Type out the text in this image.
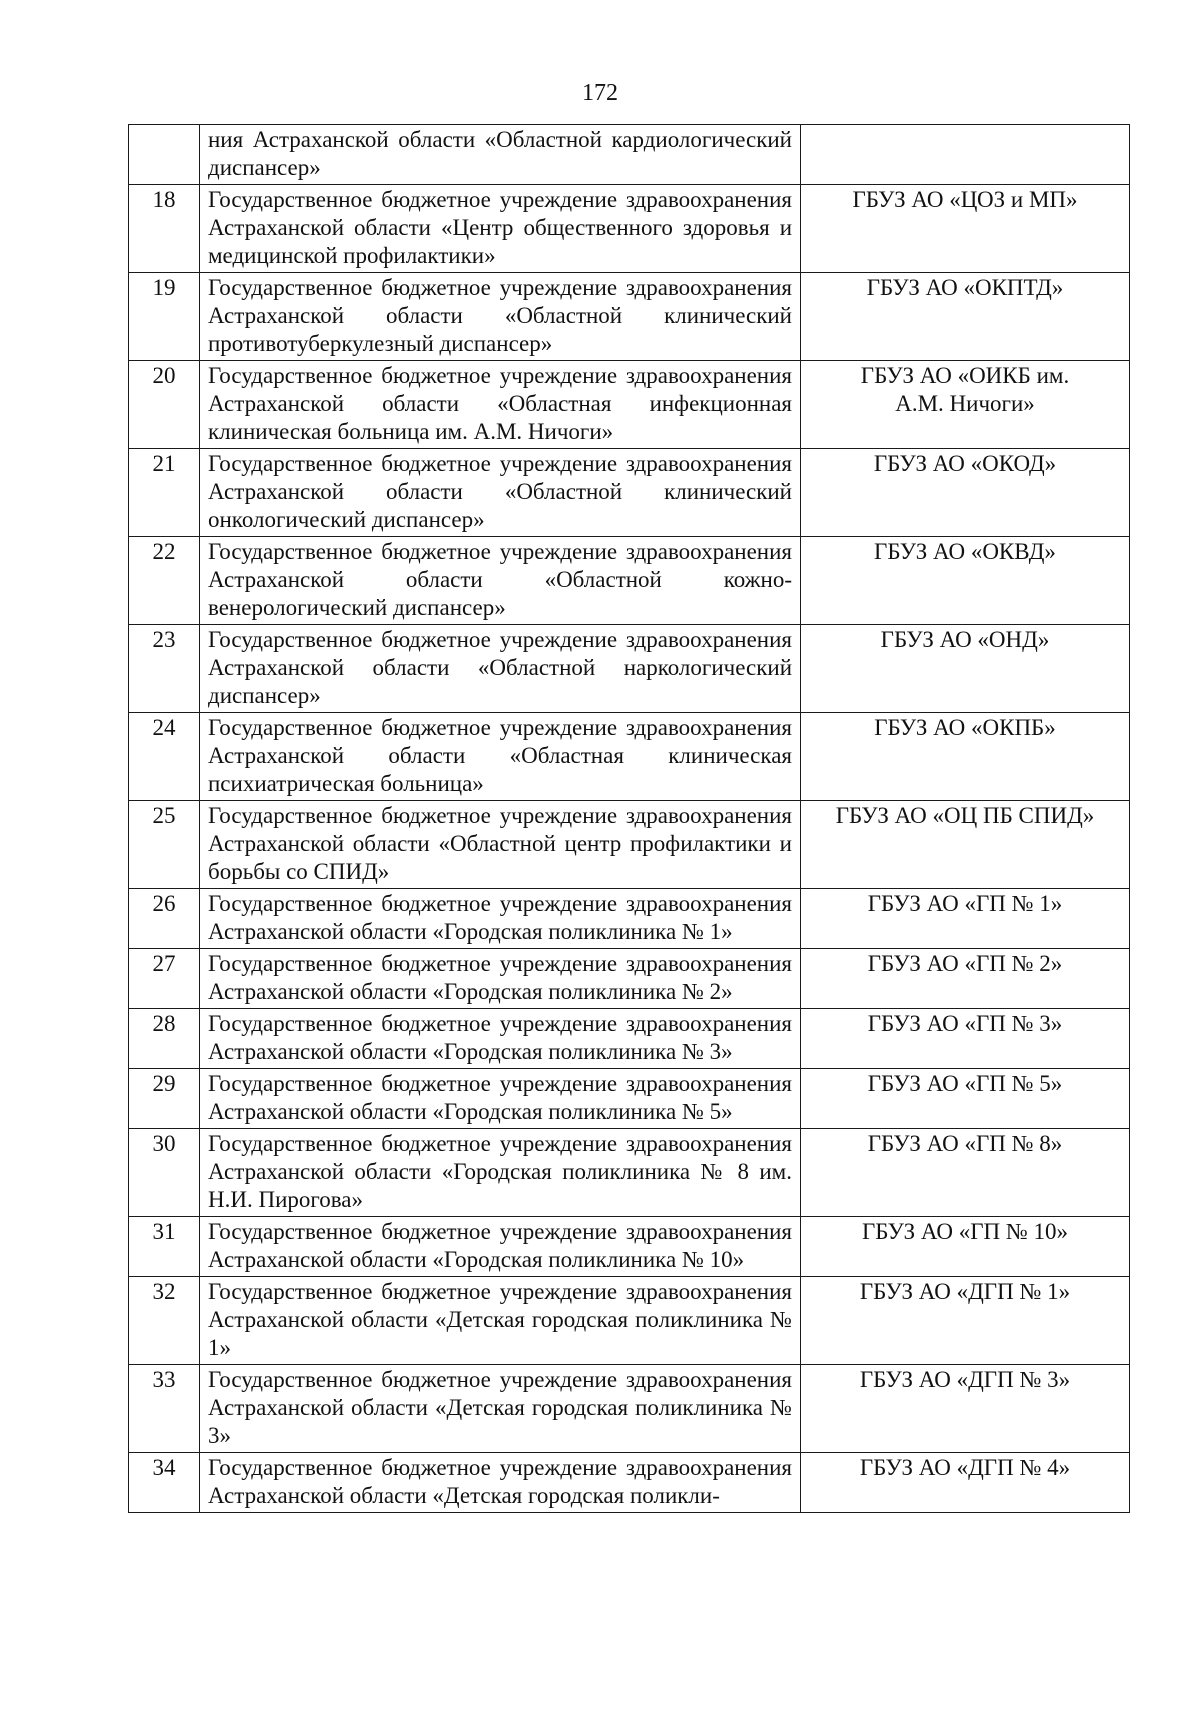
172
	ния Астраханской области «Областной кардиологический диспансер»	
18	Государственное бюджетное учреждение здравоохранения Астраханской области «Центр общественного здоровья и медицинской профилактики»	ГБУЗ АО «ЦОЗ и МП»
19	Государственное бюджетное учреждение здравоохранения Астраханской области «Областной клинический противотуберкулезный диспансер»	ГБУЗ АО «ОКПТД»
20	Государственное бюджетное учреждение здравоохранения Астраханской области «Областная инфекционная клиническая больница им. А.М. Ничоги»	ГБУЗ АО «ОИКБ им. А.М. Ничоги»
21	Государственное бюджетное учреждение здравоохранения Астраханской области «Областной клинический онкологический диспансер»	ГБУЗ АО «ОКОД»
22	Государственное бюджетное учреждение здравоохранения Астраханской области «Областной кожно-венерологический диспансер»	ГБУЗ АО «ОКВД»
23	Государственное бюджетное учреждение здравоохранения Астраханской области «Областной наркологический диспансер»	ГБУЗ АО «ОНД»
24	Государственное бюджетное учреждение здравоохранения Астраханской области «Областная клиническая психиатрическая больница»	ГБУЗ АО «ОКПБ»
25	Государственное бюджетное учреждение здравоохранения Астраханской области «Областной центр профилактики и борьбы со СПИД»	ГБУЗ АО «ОЦ ПБ СПИД»
26	Государственное бюджетное учреждение здравоохранения Астраханской области «Городская поликлиника № 1»	ГБУЗ АО «ГП № 1»
27	Государственное бюджетное учреждение здравоохранения Астраханской области «Городская поликлиника № 2»	ГБУЗ АО «ГП № 2»
28	Государственное бюджетное учреждение здравоохранения Астраханской области «Городская поликлиника № 3»	ГБУЗ АО «ГП № 3»
29	Государственное бюджетное учреждение здравоохранения Астраханской области «Городская поликлиника № 5»	ГБУЗ АО «ГП № 5»
30	Государственное бюджетное учреждение здравоохранения Астраханской области «Городская поликлиника № 8 им. Н.И. Пирогова»	ГБУЗ АО «ГП № 8»
31	Государственное бюджетное учреждение здравоохранения Астраханской области «Городская поликлиника № 10»	ГБУЗ АО «ГП № 10»
32	Государственное бюджетное учреждение здравоохранения Астраханской области «Детская городская поликлиника № 1»	ГБУЗ АО «ДГП № 1»
33	Государственное бюджетное учреждение здравоохранения Астраханской области «Детская городская поликлиника № 3»	ГБУЗ АО «ДГП № 3»
34	Государственное бюджетное учреждение здравоохранения Астраханской области «Детская городская поликли-	ГБУЗ АО «ДГП № 4»
